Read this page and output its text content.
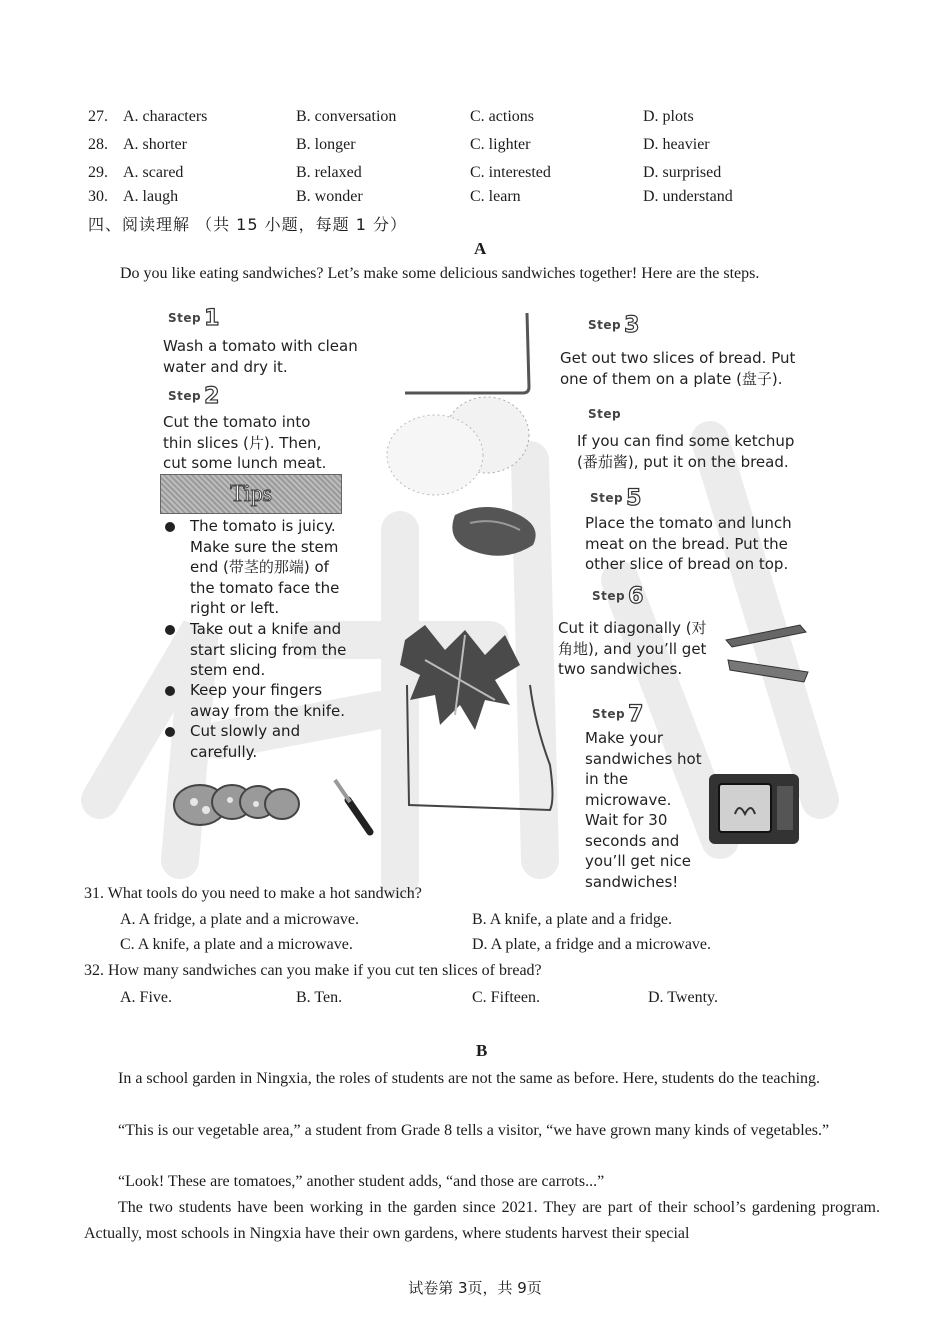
27. A. characters	B. conversation	C. actions	D. plots
28. A. shorter	B. longer	C. lighter	D. heavier
29. A. scared	B. relaxed	C. interested	D. surprised
30. A. laugh	B. wonder	C. learn	D. understand
四、阅读理解 （共 15 小题，每题 1 分）
A
Do you like eating sandwiches? Let’s make some delicious sandwiches together! Here are the steps.
Step 1
Wash a tomato with clean water and dry it.
Step 2
Cut the tomato into thin slices (片). Then, cut some lunch meat.
Tips
The tomato is juicy. Make sure the stem end (带茎的那端) of the tomato face the right or left.
Take out a knife and start slicing from the stem end.
Keep your fingers away from the knife.
Cut slowly and carefully.
Step 3
Get out two slices of bread. Put one of them on a plate (盘子).
Step
If you can find some ketchup (番茄酱), put it on the bread.
Step 5
Place the tomato and lunch meat on the bread. Put the other slice of bread on top.
Step 6
Cut it diagonally (对角地), and you’ll get two sandwiches.
Step 7
Make your sandwiches hot in the microwave. Wait for 30 seconds and you’ll get nice sandwiches!
31. What tools do you need to make a hot sandwich?
A. A fridge, a plate and a microwave.	B. A knife, a plate and a fridge.
C. A knife, a plate and a microwave.	D. A plate, a fridge and a microwave.
32. How many sandwiches can you make if you cut ten slices of bread?
A. Five.	B. Ten.	C. Fifteen.	D. Twenty.
B
In a school garden in Ningxia, the roles of students are not the same as before. Here, students do the teaching.
“This is our vegetable area,” a student from Grade 8 tells a visitor, “we have grown many kinds of vegetables.”
“Look! These are tomatoes,” another student adds, “and those are carrots...”
The two students have been working in the garden since 2021. They are part of their school’s gardening program. Actually, most schools in Ningxia have their own gardens, where students harvest their special
试卷第 3页，共 9页
